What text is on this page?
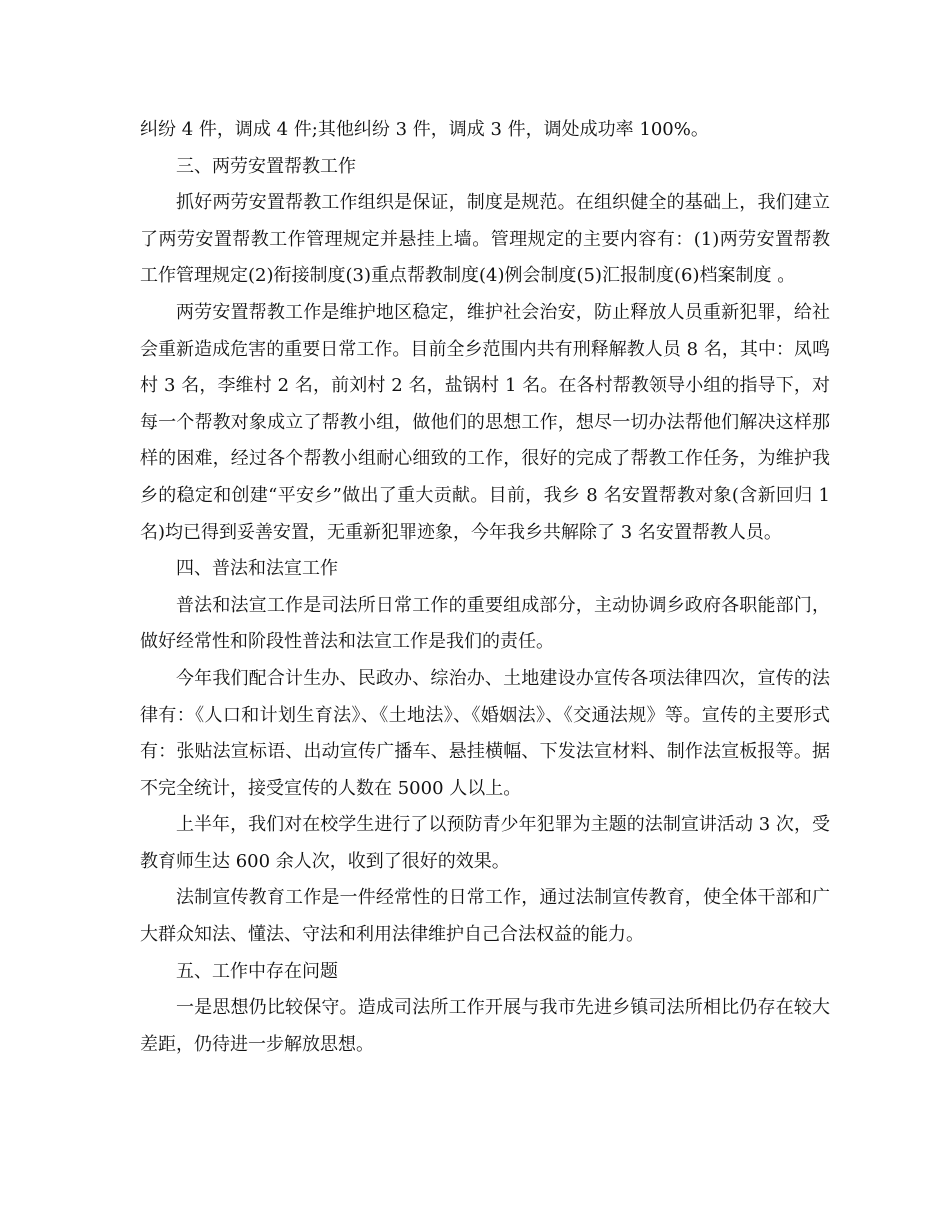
纠纷 4 件，调成 4 件;其他纠纷 3 件，调成 3 件，调处成功率 100%。

三、两劳安置帮教工作

抓好两劳安置帮教工作组织是保证，制度是规范。在组织健全的基础上，我们建立了两劳安置帮教工作管理规定并悬挂上墙。管理规定的主要内容有：(1)两劳安置帮教工作管理规定(2)衔接制度(3)重点帮教制度(4)例会制度(5)汇报制度(6)档案制度 。

两劳安置帮教工作是维护地区稳定，维护社会治安，防止释放人员重新犯罪，给社会重新造成危害的重要日常工作。目前全乡范围内共有刑释解教人员 8 名，其中：凤鸣村 3 名，李维村 2 名，前刘村 2 名，盐锅村 1 名。在各村帮教领导小组的指导下，对每一个帮教对象成立了帮教小组，做他们的思想工作，想尽一切办法帮他们解决这样那样的困难，经过各个帮教小组耐心细致的工作，很好的完成了帮教工作任务，为维护我乡的稳定和创建“平安乡”做出了重大贡献。目前，我乡 8 名安置帮教对象(含新回归 1 名)均已得到妥善安置，无重新犯罪迹象，今年我乡共解除了 3 名安置帮教人员。

四、普法和法宣工作

普法和法宣工作是司法所日常工作的重要组成部分，主动协调乡政府各职能部门，做好经常性和阶段性普法和法宣工作是我们的责任。

今年我们配合计生办、民政办、综治办、土地建设办宣传各项法律四次，宣传的法律有：《人口和计划生育法》、《土地法》、《婚姻法》、《交通法规》等。宣传的主要形式有：张贴法宣标语、出动宣传广播车、悬挂横幅、下发法宣材料、制作法宣板报等。据不完全统计，接受宣传的人数在 5000 人以上。

上半年，我们对在校学生进行了以预防青少年犯罪为主题的法制宣讲活动 3 次，受教育师生达 600 余人次，收到了很好的效果。

法制宣传教育工作是一件经常性的日常工作，通过法制宣传教育，使全体干部和广大群众知法、懂法、守法和利用法律维护自己合法权益的能力。

五、工作中存在问题

一是思想仍比较保守。造成司法所工作开展与我市先进乡镇司法所相比仍存在较大差距，仍待进一步解放思想。
